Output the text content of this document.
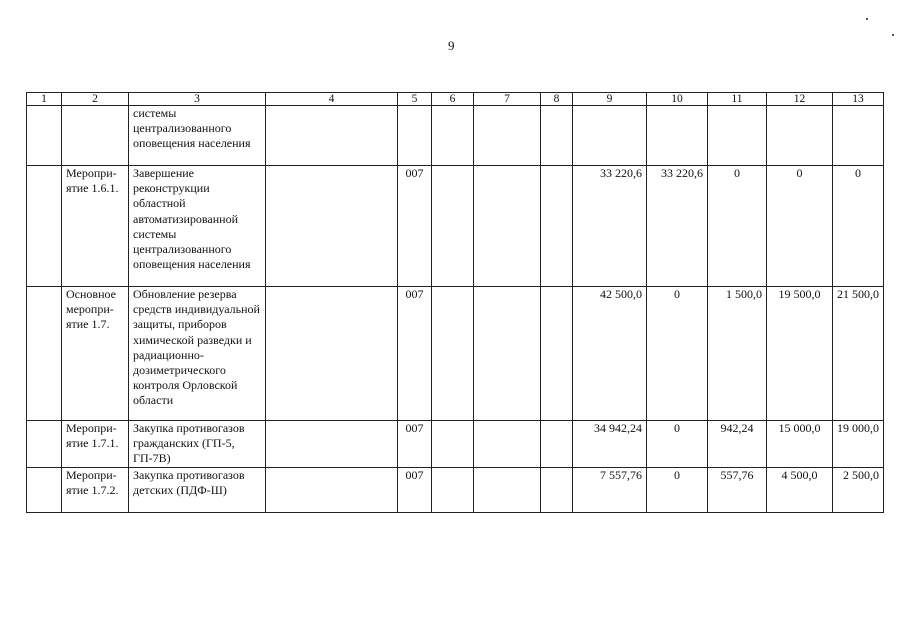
9
1	2	3	4	5	6	7	8	9	10	11	12	13
		системы централизованного оповещения населения										
	Меропри-ятие 1.6.1.	Завершение реконструкции областной автоматизированной системы централизованного оповещения населения		007				33 220,6	33 220,6	0	0	0
	Основное меропри-ятие 1.7.	Обновление резерва средств индивидуальной защиты, приборов химической разведки и радиационно-дозиметрического контроля Орловской области		007				42 500,0	0	1 500,0	19 500,0	21 500,0
	Меропри-ятие 1.7.1.	Закупка противогазов гражданских (ГП-5, ГП-7В)		007				34 942,24	0	942,24	15 000,0	19 000,0
	Меропри-ятие 1.7.2.	Закупка противогазов детских (ПДФ-Ш)		007				7 557,76	0	557,76	4 500,0	2 500,0
